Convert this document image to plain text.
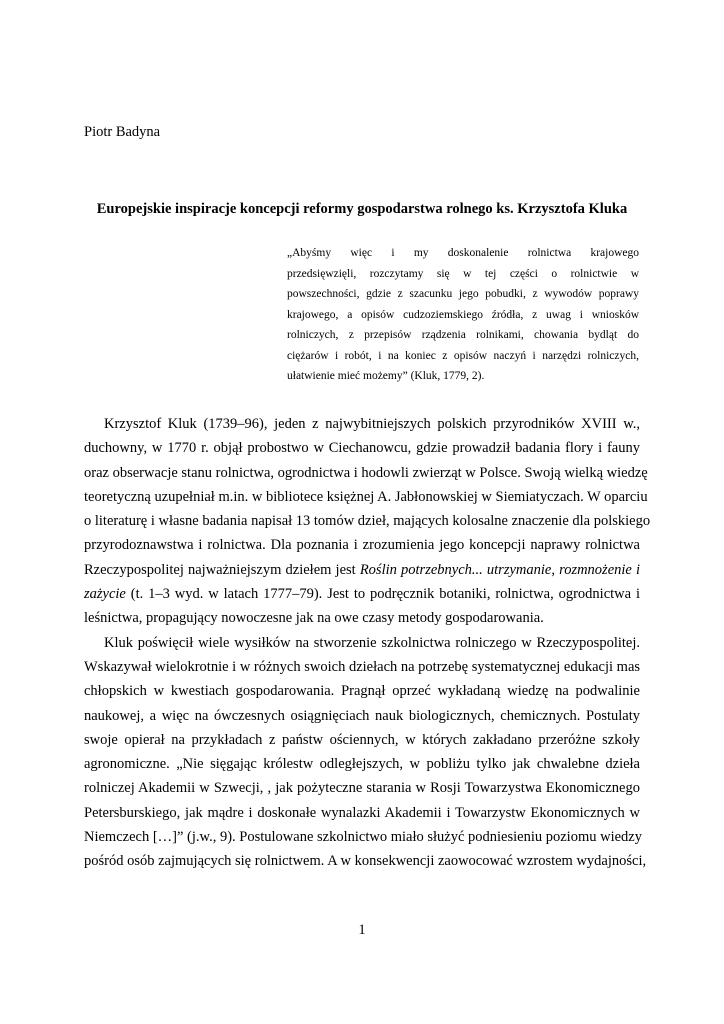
Piotr Badyna
Europejskie inspiracje koncepcji reformy gospodarstwa rolnego ks. Krzysztofa Kluka
„Abyśmy więc i my doskonalenie rolnictwa krajowego
przedsięwzięli, rozczytamy się w tej części o rolnictwie w
powszechności, gdzie z szacunku jego pobudki, z wywodów poprawy
krajowego, a opisów cudzoziemskiego źródła, z uwag i wniosków
rolniczych, z przepisów rządzenia rolnikami, chowania bydląt do
ciężarów i robót, i na koniec z opisów naczyń i narzędzi rolniczych,
ułatwienie mieć możemy” (Kluk, 1779, 2).
Krzysztof Kluk (1739–96), jeden z najwybitniejszych polskich przyrodników XVIII w.,
duchowny, w 1770 r. objął probostwo w Ciechanowcu, gdzie prowadził badania flory i fauny
oraz obserwacje stanu rolnictwa, ogrodnictwa i hodowli zwierząt w Polsce. Swoją wielką wiedzę
teoretyczną uzupełniał m.in. w bibliotece księżnej A. Jabłonowskiej w Siemiatyczach. W oparciu
o literaturę i własne badania napisał 13 tomów dzieł, mających kolosalne znaczenie dla polskiego
przyrodoznawstwa i rolnictwa. Dla poznania i zrozumienia jego koncepcji naprawy rolnictwa
Rzeczypospolitej najważniejszym dziełem jest Roślin potrzebnych... utrzymanie, rozmnożenie i
zażycie (t. 1–3 wyd. w latach 1777–79). Jest to podręcznik botaniki, rolnictwa, ogrodnictwa i
leśnictwa, propagujący nowoczesne jak na owe czasy metody gospodarowania.
Kluk poświęcił wiele wysiłków na stworzenie szkolnictwa rolniczego w Rzeczypospolitej.
Wskazywał wielokrotnie i w różnych swoich dziełach na potrzebę systematycznej edukacji mas
chłopskich w kwestiach gospodarowania. Pragnął oprzeć wykładaną wiedzę na podwalinie
naukowej, a więc na ówczesnych osiągnięciach nauk biologicznych, chemicznych. Postulaty
swoje opierał na przykładach z państw ościennych, w których zakładano przeróżne szkoły
agronomiczne. „Nie sięgając królestw odległejszych, w pobliżu tylko jak chwalebne dzieła
rolniczej Akademii w Szwecji, , jak pożyteczne starania w Rosji Towarzystwa Ekonomicznego
Petersburskiego, jak mądre i doskonałe wynalazki Akademii i Towarzystw Ekonomicznych w
Niemczech […]” (j.w., 9). Postulowane szkolnictwo miało służyć podniesieniu poziomu wiedzy
pośród osób zajmujących się rolnictwem. A w konsekwencji zaowocować wzrostem wydajności,
1
